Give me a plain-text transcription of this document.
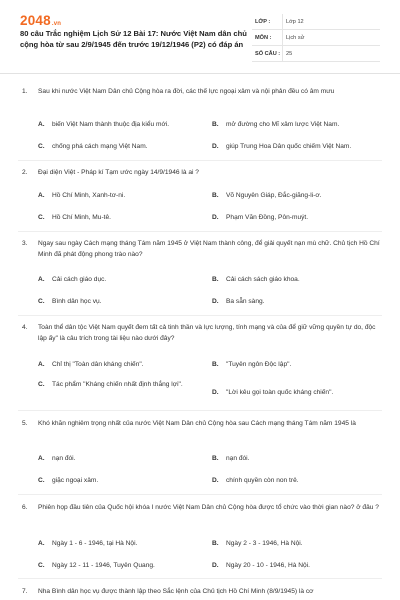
2048.vn
80 câu Trắc nghiệm Lịch Sử 12 Bài 17: Nước Việt Nam dân chủ cộng hòa từ sau 2/9/1945 đến trước 19/12/1946 (P2) có đáp án
LỚP :	Lớp 12
MÔN :	Lịch sử
SỐ CÂU :	25
1.	Sau khi nước Việt Nam Dân chủ Cộng hòa ra đời, các thế lực ngoại xâm và nội phản đều có âm mưu
A.	biến Việt Nam thành thuộc địa kiểu mới.	B.	mở đường cho Mĩ xâm lược Việt Nam.
C.	chống phá cách mạng Việt Nam.	D.	giúp Trung Hoa Dân quốc chiếm Việt Nam.
2.	Đại diện Việt - Pháp kí Tạm ước ngày 14/9/1946 là ai ?
A.	Hồ Chí Minh, Xanh-tơ-ni.	B.	Võ Nguyên Giáp, Đắc-giăng-li-ơ.
C.	Hồ Chí Minh, Mu-tê.	D.	Phạm Văn Đồng, Pôn-muýt.
3.	Ngay sau ngày Cách mạng tháng Tám năm 1945 ở Việt Nam thành công, để giải quyết nạn mù chữ. Chủ tịch Hồ Chí Minh đã phát động phong trào nào?
A.	Cải cách giáo dục.	B.	Cải cách sách giáo khoa.
C.	Bình dân học vụ.	D.	Ba sẵn sàng.
4.	Toàn thể dân tộc Việt Nam quyết đem tất cả tinh thần và lực lượng, tính mạng và của để giữ vững quyền tự do, độc lập ấy" là câu trích trong tài liệu nào dưới đây?
A.	Chỉ thị "Toàn dân kháng chiến".	B.	"Tuyên ngôn Độc lập".
C.	Tác phẩm "Kháng chiến nhất định thắng lợi".
D.	"Lời kêu gọi toàn quốc kháng chiến".
5.	Khó khăn nghiêm trọng nhất của nước Việt Nam Dân chủ Cộng hòa sau Cách mạng tháng Tám năm 1945 là
A.	nạn đói.	B.	nạn đói.
C.	giặc ngoại xâm.	D.	chính quyền còn non trẻ.
6.	Phiên họp đầu tiên của Quốc hội khóa I nước Việt Nam Dân chủ Cộng hòa được tổ chức vào thời gian nào? ở đâu ?
A.	Ngày 1 - 6 - 1946, tại Hà Nội.	B.	Ngày 2 - 3 - 1946, Hà Nội.
C.	Ngày 12 - 11 - 1946, Tuyên Quang.	D.	Ngày 20 - 10 - 1946, Hà Nội.
7.	Nha Bình dân học vụ được thành lập theo Sắc lệnh của Chủ tịch Hồ Chí Minh (8/9/1945) là cơ
